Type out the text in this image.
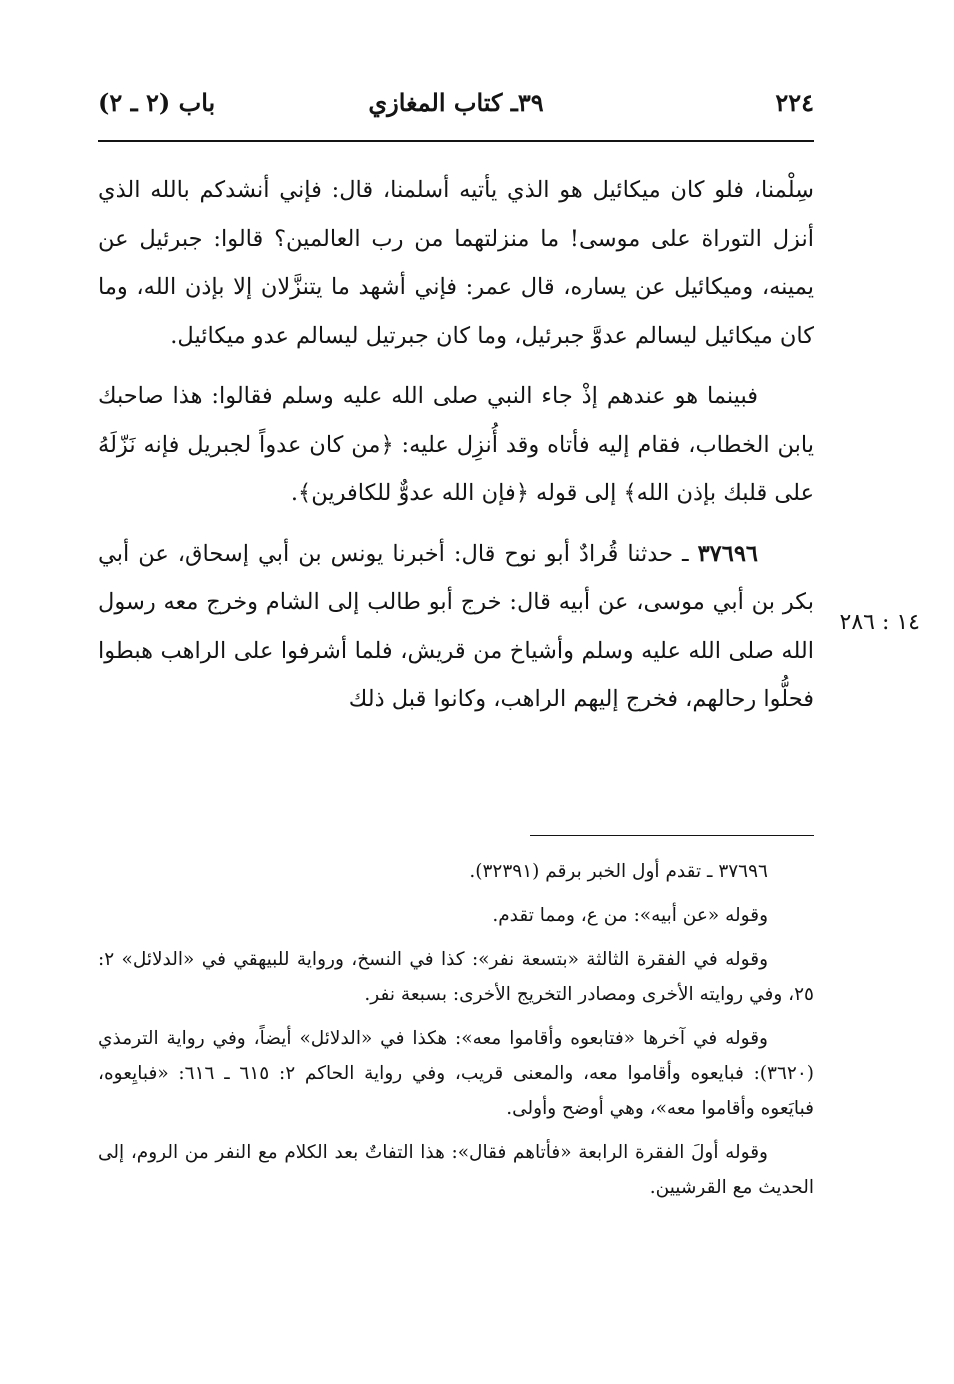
٢٢٤
٣٩ـ كتاب المغازي
باب (٢ ـ ٢)
١٤ : ٢٨٦

سِلْمنا، فلو كان ميكائيل هو الذي يأتيه أسلمنا، قال: فإني أنشدكم بالله الذي أنزل التوراة على موسى! ما منزلتهما من رب العالمين؟ قالوا: جبرئيل عن يمينه، وميكائيل عن يساره، قال عمر: فإني أشهد ما يتنزَّلان إلا بإذن الله، وما كان ميكائيل ليسالم عدوَّ جبرئيل، وما كان جبرتيل ليسالم عدو ميكائيل.

فبينما هو عندهم إذْ جاء النبي صلى الله عليه وسلم فقالوا: هذا صاحبك يابن الخطاب، فقام إليه فأتاه وقد أُنزِل عليه: ﴿من كان عدواً لجبريل فإنه نَزّلَهُ على قلبك بإذن الله﴾ إلى قوله ﴿فإن الله عدوٌّ للكافرين﴾.

٣٧٦٩٦ ـ حدثنا قُرادٌ أبو نوح قال: أخبرنا يونس بن أبي إسحاق، عن أبي بكر بن أبي موسى، عن أبيه قال: خرج أبو طالب إلى الشام وخرج معه رسول الله صلى الله عليه وسلم وأشياخ من قريش، فلما أشرفوا على الراهب هبطوا فحلُّوا رحالهم، فخرج إليهم الراهب، وكانوا قبل ذلك

٣٧٦٩٦ ـ تقدم أول الخبر برقم (٣٢٣٩١).

وقوله «عن أبيه»: من ع، ومما تقدم.

وقوله في الفقرة الثالثة «بتسعة نفر»: كذا في النسخ، ورواية للبيهقي في «الدلائل» ٢: ٢٥، وفي روايته الأخرى ومصادر التخريج الأخرى: بسبعة نفر.

وقوله في آخرها «فتابعوه وأقاموا معه»: هكذا في «الدلائل» أيضاً، وفي رواية الترمذي (٣٦٢٠): فبايعوه وأقاموا معه، والمعنى قريب، وفي رواية الحاكم ٢: ٦١٥ ـ ٦١٦: «فبايِعوه، فبايَعوه وأقاموا معه»، وهي أوضح وأولى.

وقوله أولَ الفقرة الرابعة «فأتاهم فقال»: هذا التفاتٌ بعد الكلام مع النفر من الروم، إلى الحديث مع القرشيين.
